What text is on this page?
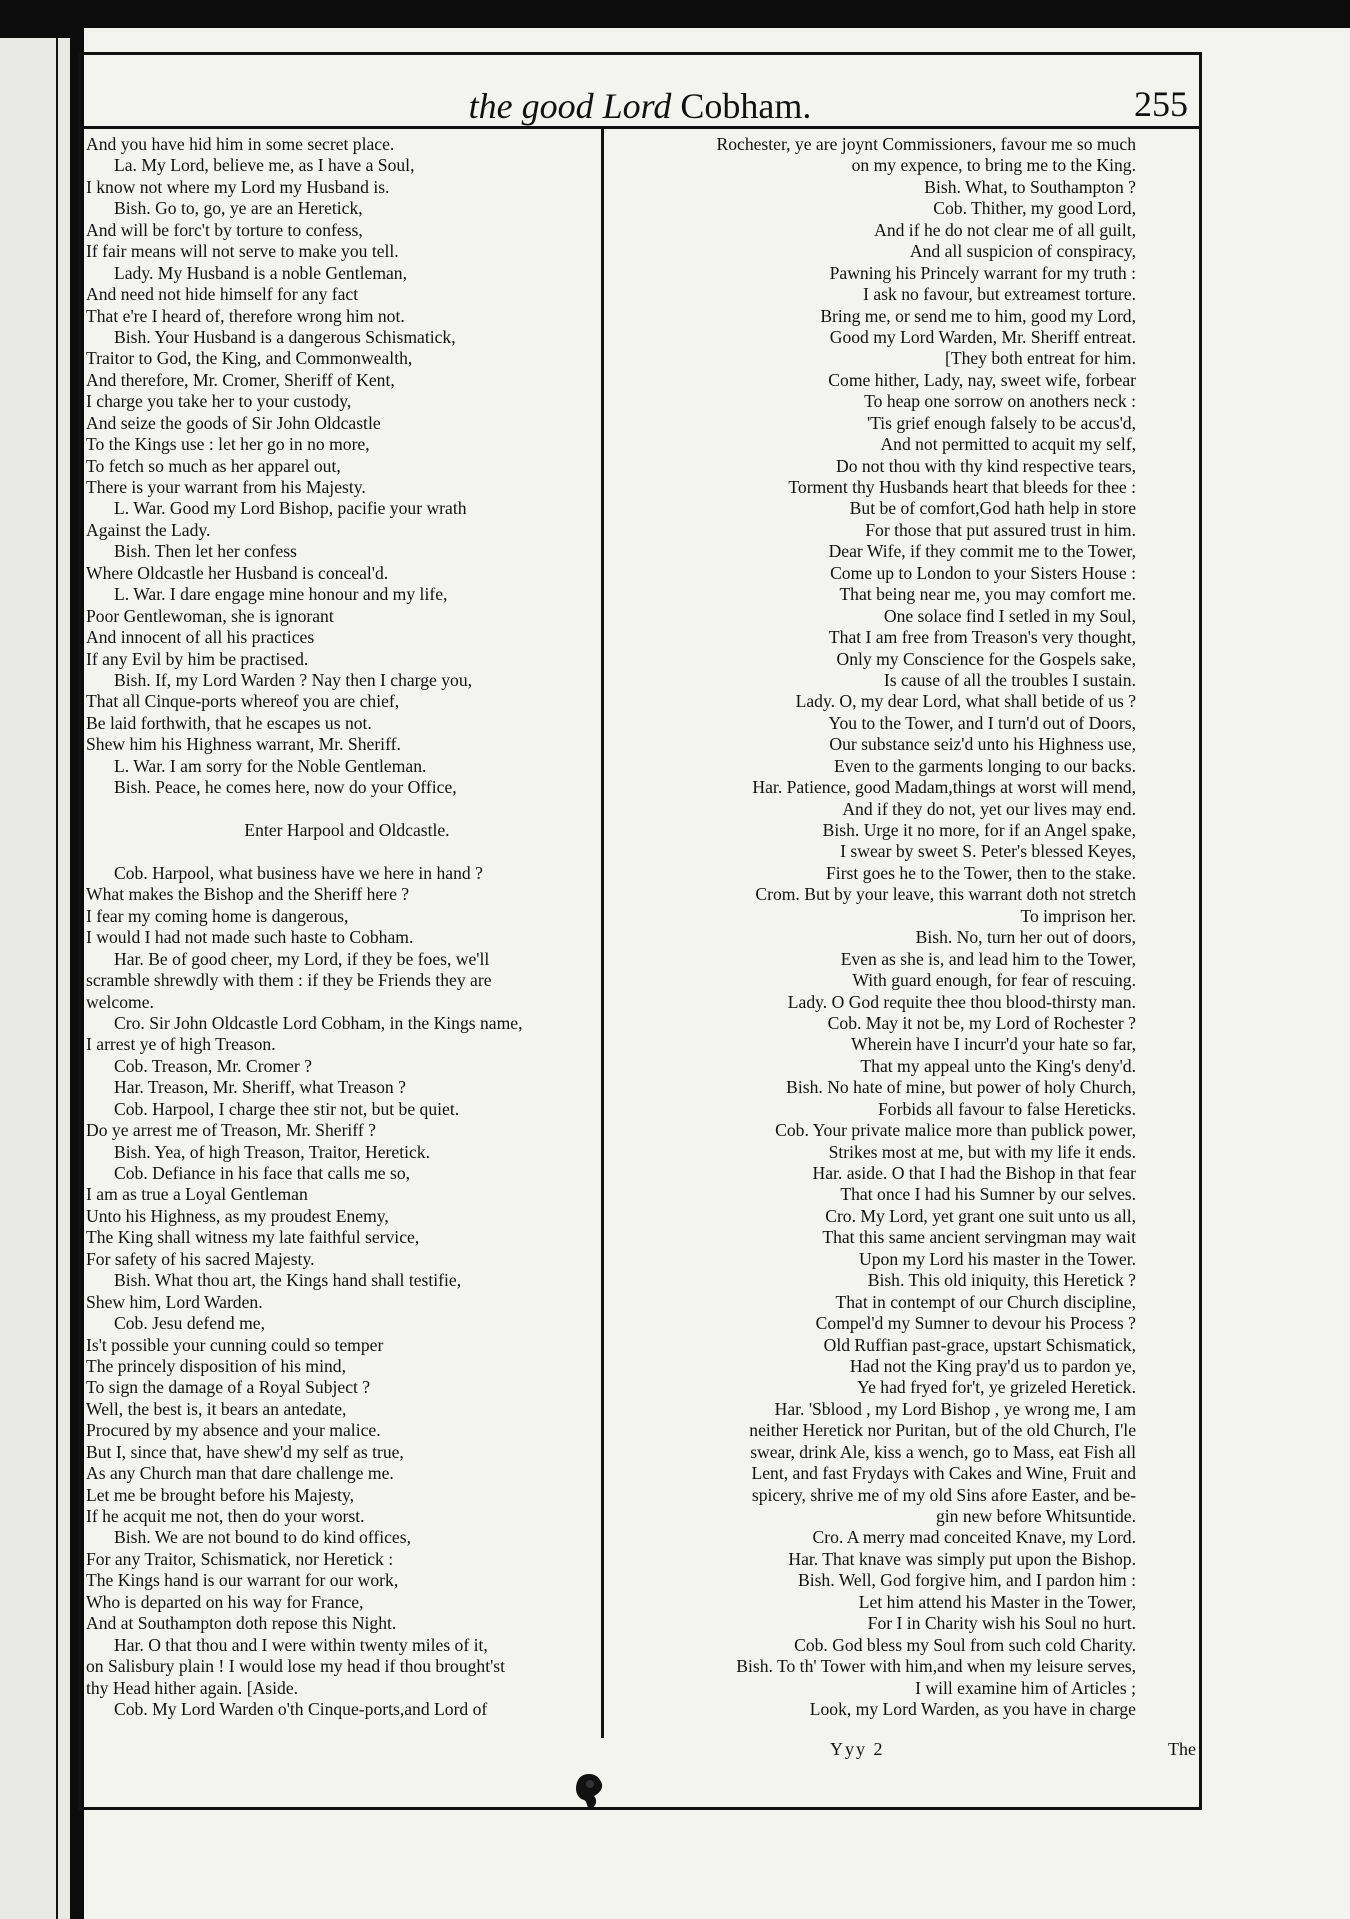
the good Lord Cobham.	255
And you have hid him in some secret place.
La. My Lord, believe me, as I have a Soul,
I know not where my Lord my Husband is.
Bish. Go to, go, ye are an Heretick,
And will be forc't by torture to confess,
If fair means will not serve to make you tell.
Lady. My Husband is a noble Gentleman,
And need not hide himself for any fact
That e're I heard of, therefore wrong him not.
Bish. Your Husband is a dangerous Schismatick,
Traitor to God, the King, and Commonwealth,
And therefore, Mr. Cromer, Sheriff of Kent,
I charge you take her to your custody,
And seize the goods of Sir John Oldcastle
To the Kings use : let her go in no more,
To fetch so much as her apparel out,
There is your warrant from his Majesty.
L. War. Good my Lord Bishop, pacifie your wrath
Against the Lady.
Bish. Then let her confess
Where Oldcastle her Husband is conceal'd.
L. War. I dare engage mine honour and my life,
Poor Gentlewoman, she is ignorant
And innocent of all his practices
If any Evil by him be practised.
Bish. If, my Lord Warden ? Nay then I charge you,
That all Cinque-ports whereof you are chief,
Be laid forthwith, that he escapes us not.
Shew him his Highness warrant, Mr. Sheriff.
L. War. I am sorry for the Noble Gentleman.
Bish. Peace, he comes here, now do your Office,
Enter Harpool and Oldcastle.
Cob. Harpool, what business have we here in hand ?
What makes the Bishop and the Sheriff here ?
I fear my coming home is dangerous,
I would I had not made such haste to Cobham.
Har. Be of good cheer, my Lord, if they be foes, we'll
scramble shrewdly with them : if they be Friends they are
welcome.
Cro. Sir John Oldcastle Lord Cobham, in the Kings name,
I arrest ye of high Treason.
Cob. Treason, Mr. Cromer ?
Har. Treason, Mr. Sheriff, what Treason ?
Cob. Harpool, I charge thee stir not, but be quiet.
Do ye arrest me of Treason, Mr. Sheriff ?
Bish. Yea, of high Treason, Traitor, Heretick.
Cob. Defiance in his face that calls me so,
I am as true a Loyal Gentleman
Unto his Highness, as my proudest Enemy,
The King shall witness my late faithful service,
For safety of his sacred Majesty.
Bish. What thou art, the Kings hand shall testifie,
Shew him, Lord Warden.
Cob. Jesu defend me,
Is't possible your cunning could so temper
The princely disposition of his mind,
To sign the damage of a Royal Subject ?
Well, the best is, it bears an antedate,
Procured by my absence and your malice.
But I, since that, have shew'd my self as true,
As any Church man that dare challenge me.
Let me be brought before his Majesty,
If he acquit me not, then do your worst.
Bish. We are not bound to do kind offices,
For any Traitor, Schismatick, nor Heretick :
The Kings hand is our warrant for our work,
Who is departed on his way for France,
And at Southampton doth repose this Night.
Har. O that thou and I were within twenty miles of it,
on Salisbury plain ! I would lose my head if thou brought'st
thy Head hither again. [Aside.
Cob. My Lord Warden o'th Cinque-ports,and Lord of
Rochester, ye are joynt Commissioners, favour me so much
on my expence, to bring me to the King.
Bish. What, to Southampton ?
Cob. Thither, my good Lord,
And if he do not clear me of all guilt,
And all suspicion of conspiracy,
Pawning his Princely warrant for my truth :
I ask no favour, but extreamest torture.
Bring me, or send me to him, good my Lord,
Good my Lord Warden, Mr. Sheriff entreat.
[They both entreat for him.
Come hither, Lady, nay, sweet wife, forbear
To heap one sorrow on anothers neck :
'Tis grief enough falsely to be accus'd,
And not permitted to acquit my self,
Do not thou with thy kind respective tears,
Torment thy Husbands heart that bleeds for thee :
But be of comfort,God hath help in store
For those that put assured trust in him.
Dear Wife, if they commit me to the Tower,
Come up to London to your Sisters House :
That being near me, you may comfort me.
One solace find I setled in my Soul,
That I am free from Treason's very thought,
Only my Conscience for the Gospels sake,
Is cause of all the troubles I sustain.
Lady. O, my dear Lord, what shall betide of us ?
You to the Tower, and I turn'd out of Doors,
Our substance seiz'd unto his Highness use,
Even to the garments longing to our backs.
Har. Patience, good Madam,things at worst will mend,
And if they do not, yet our lives may end.
Bish. Urge it no more, for if an Angel spake,
I swear by sweet S. Peter's blessed Keyes,
First goes he to the Tower, then to the stake.
Crom. But by your leave, this warrant doth not stretch
To imprison her.
Bish. No, turn her out of doors,
Even as she is, and lead him to the Tower,
With guard enough, for fear of rescuing.
Lady. O God requite thee thou blood-thirsty man.
Cob. May it not be, my Lord of Rochester ?
Wherein have I incurr'd your hate so far,
That my appeal unto the King's deny'd.
Bish. No hate of mine, but power of holy Church,
Forbids all favour to false Hereticks.
Cob. Your private malice more than publick power,
Strikes most at me, but with my life it ends.
Har. aside. O that I had the Bishop in that fear
That once I had his Sumner by our selves.
Cro. My Lord, yet grant one suit unto us all,
That this same ancient servingman may wait
Upon my Lord his master in the Tower.
Bish. This old iniquity, this Heretick ?
That in contempt of our Church discipline,
Compel'd my Sumner to devour his Process ?
Old Ruffian past-grace, upstart Schismatick,
Had not the King pray'd us to pardon ye,
Ye had fryed for't, ye grizeled Heretick.
Har. 'Sblood , my Lord Bishop , ye wrong me, I am
neither Heretick nor Puritan, but of the old Church, I'le
swear, drink Ale, kiss a wench, go to Mass, eat Fish all
Lent, and fast Frydays with Cakes and Wine, Fruit and
spicery, shrive me of my old Sins afore Easter, and be-
gin new before Whitsuntide.
Cro. A merry mad conceited Knave, my Lord.
Har. That knave was simply put upon the Bishop.
Bish. Well, God forgive him, and I pardon him :
Let him attend his Master in the Tower,
For I in Charity wish his Soul no hurt.
Cob. God bless my Soul from such cold Charity.
Bish. To th' Tower with him,and when my leisure serves,
I will examine him of Articles ;
Look, my Lord Warden, as you have in charge
Yyy 2	The
